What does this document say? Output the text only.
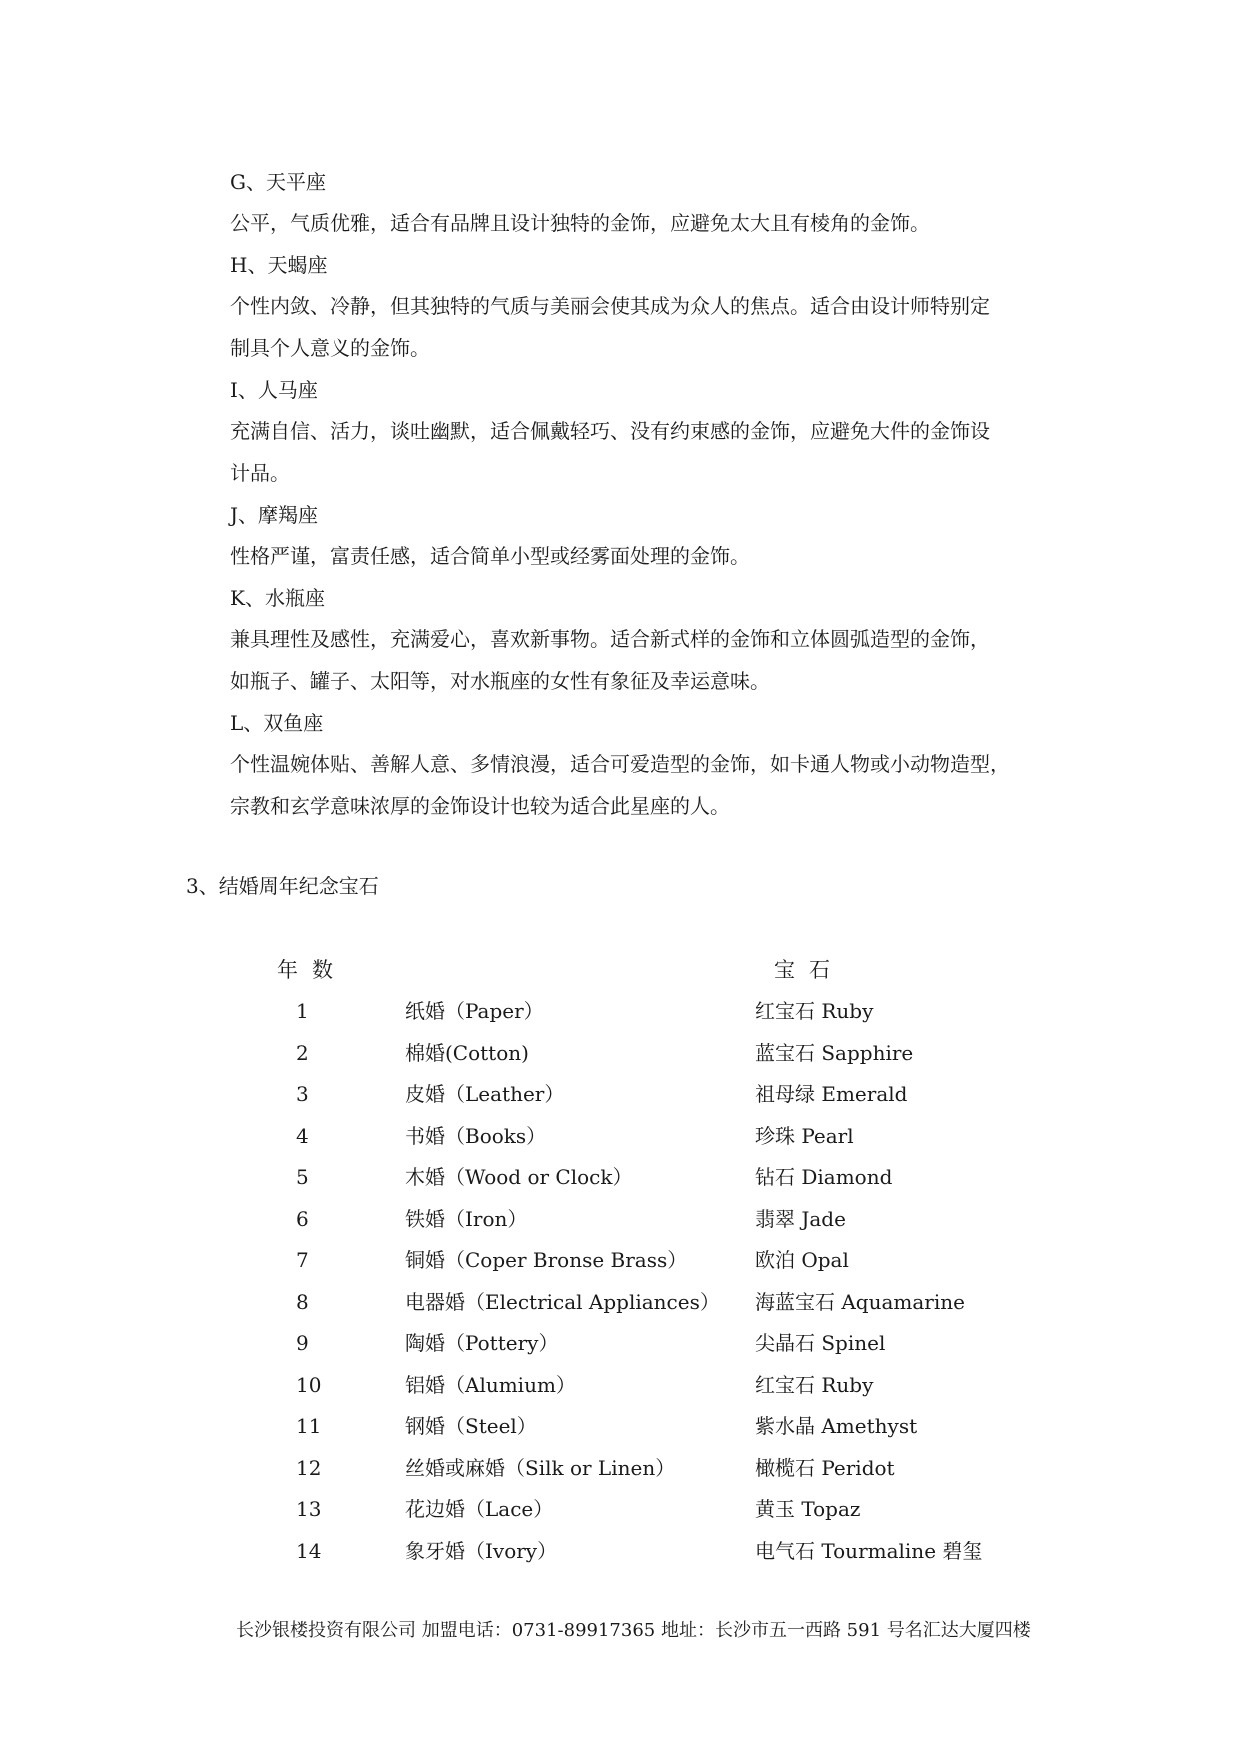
G、天平座
公平，气质优雅，适合有品牌且设计独特的金饰，应避免太大且有棱角的金饰。
H、天蝎座
个性内敛、冷静，但其独特的气质与美丽会使其成为众人的焦点。适合由设计师特别定
制具个人意义的金饰。
I、人马座
充满自信、活力，谈吐幽默，适合佩戴轻巧、没有约束感的金饰，应避免大件的金饰设
计品。
J、摩羯座
性格严谨，富责任感，适合简单小型或经雾面处理的金饰。
K、水瓶座
兼具理性及感性，充满爱心，喜欢新事物。适合新式样的金饰和立体圆弧造型的金饰，
如瓶子、罐子、太阳等，对水瓶座的女性有象征及幸运意味。
L、双鱼座
个性温婉体贴、善解人意、多情浪漫，适合可爱造型的金饰，如卡通人物或小动物造型，
宗教和玄学意味浓厚的金饰设计也较为适合此星座的人。
3、结婚周年纪念宝石
年数	宝石
1	纸婚（Paper）	红宝石 Ruby
2	棉婚(Cotton)	蓝宝石 Sapphire
3	皮婚（Leather）	祖母绿 Emerald
4	书婚（Books）	珍珠 Pearl
5	木婚（Wood or Clock）	钻石 Diamond
6	铁婚（Iron）	翡翠 Jade
7	铜婚（Coper Bronse Brass）	欧泊 Opal
8	电器婚（Electrical Appliances） 海蓝宝石 Aquamarine
9	陶婚（Pottery）	尖晶石 Spinel
10	铝婚（Alumium）	红宝石 Ruby
11	钢婚（Steel）	紫水晶 Amethyst
12	丝婚或麻婚（Silk or Linen）	橄榄石 Peridot
13	花边婚（Lace）	黄玉 Topaz
14	象牙婚（Ivory）	电气石 Tourmaline 碧玺
长沙银楼投资有限公司 加盟电话：0731-89917365 地址：长沙市五一西路 591 号名汇达大厦四楼
